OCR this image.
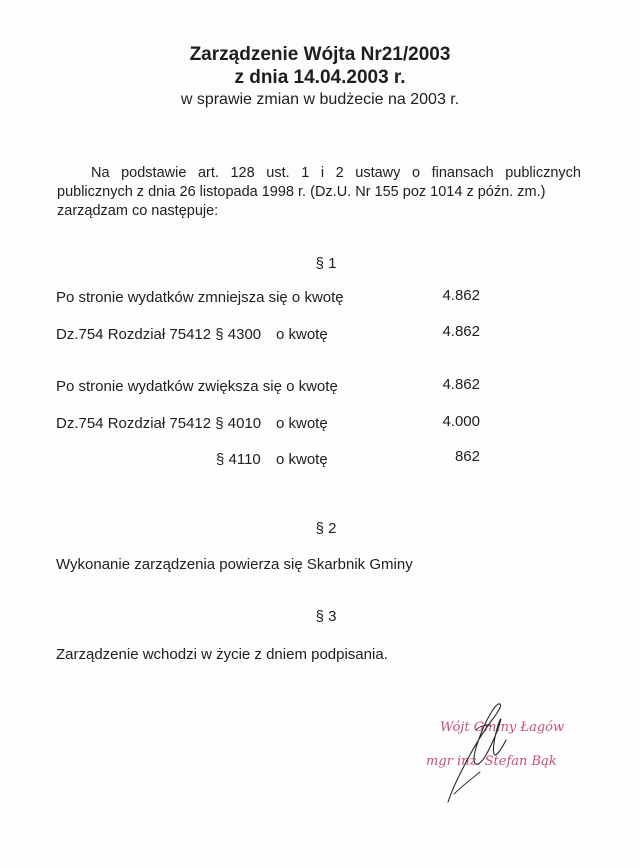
Zarządzenie Wójta Nr21/2003
z dnia 14.04.2003 r.
w sprawie zmian w budżecie na 2003 r.
Na podstawie art. 128 ust. 1 i 2 ustawy o finansach publicznych
publicznych z dnia 26 listopada 1998 r. (Dz.U. Nr 155 poz 1014 z późn. zm.)
zarządzam co następuje:
§ 1
Po stronie wydatków zmniejsza się o kwotę	4.862
Dz.754 Rozdział 75412 § 4300 o kwotę	4.862
Po stronie wydatków zwiększa się o kwotę	4.862
Dz.754 Rozdział 75412 § 4010 o kwotę	4.000
§ 4110 o kwotę	862
§ 2
Wykonanie zarządzenia powierza się Skarbnik Gminy
§ 3
Zarządzenie wchodzi w życie z dniem podpisania.
Wójt Gminy Łagów
mgr inż. Stefan Bąk
